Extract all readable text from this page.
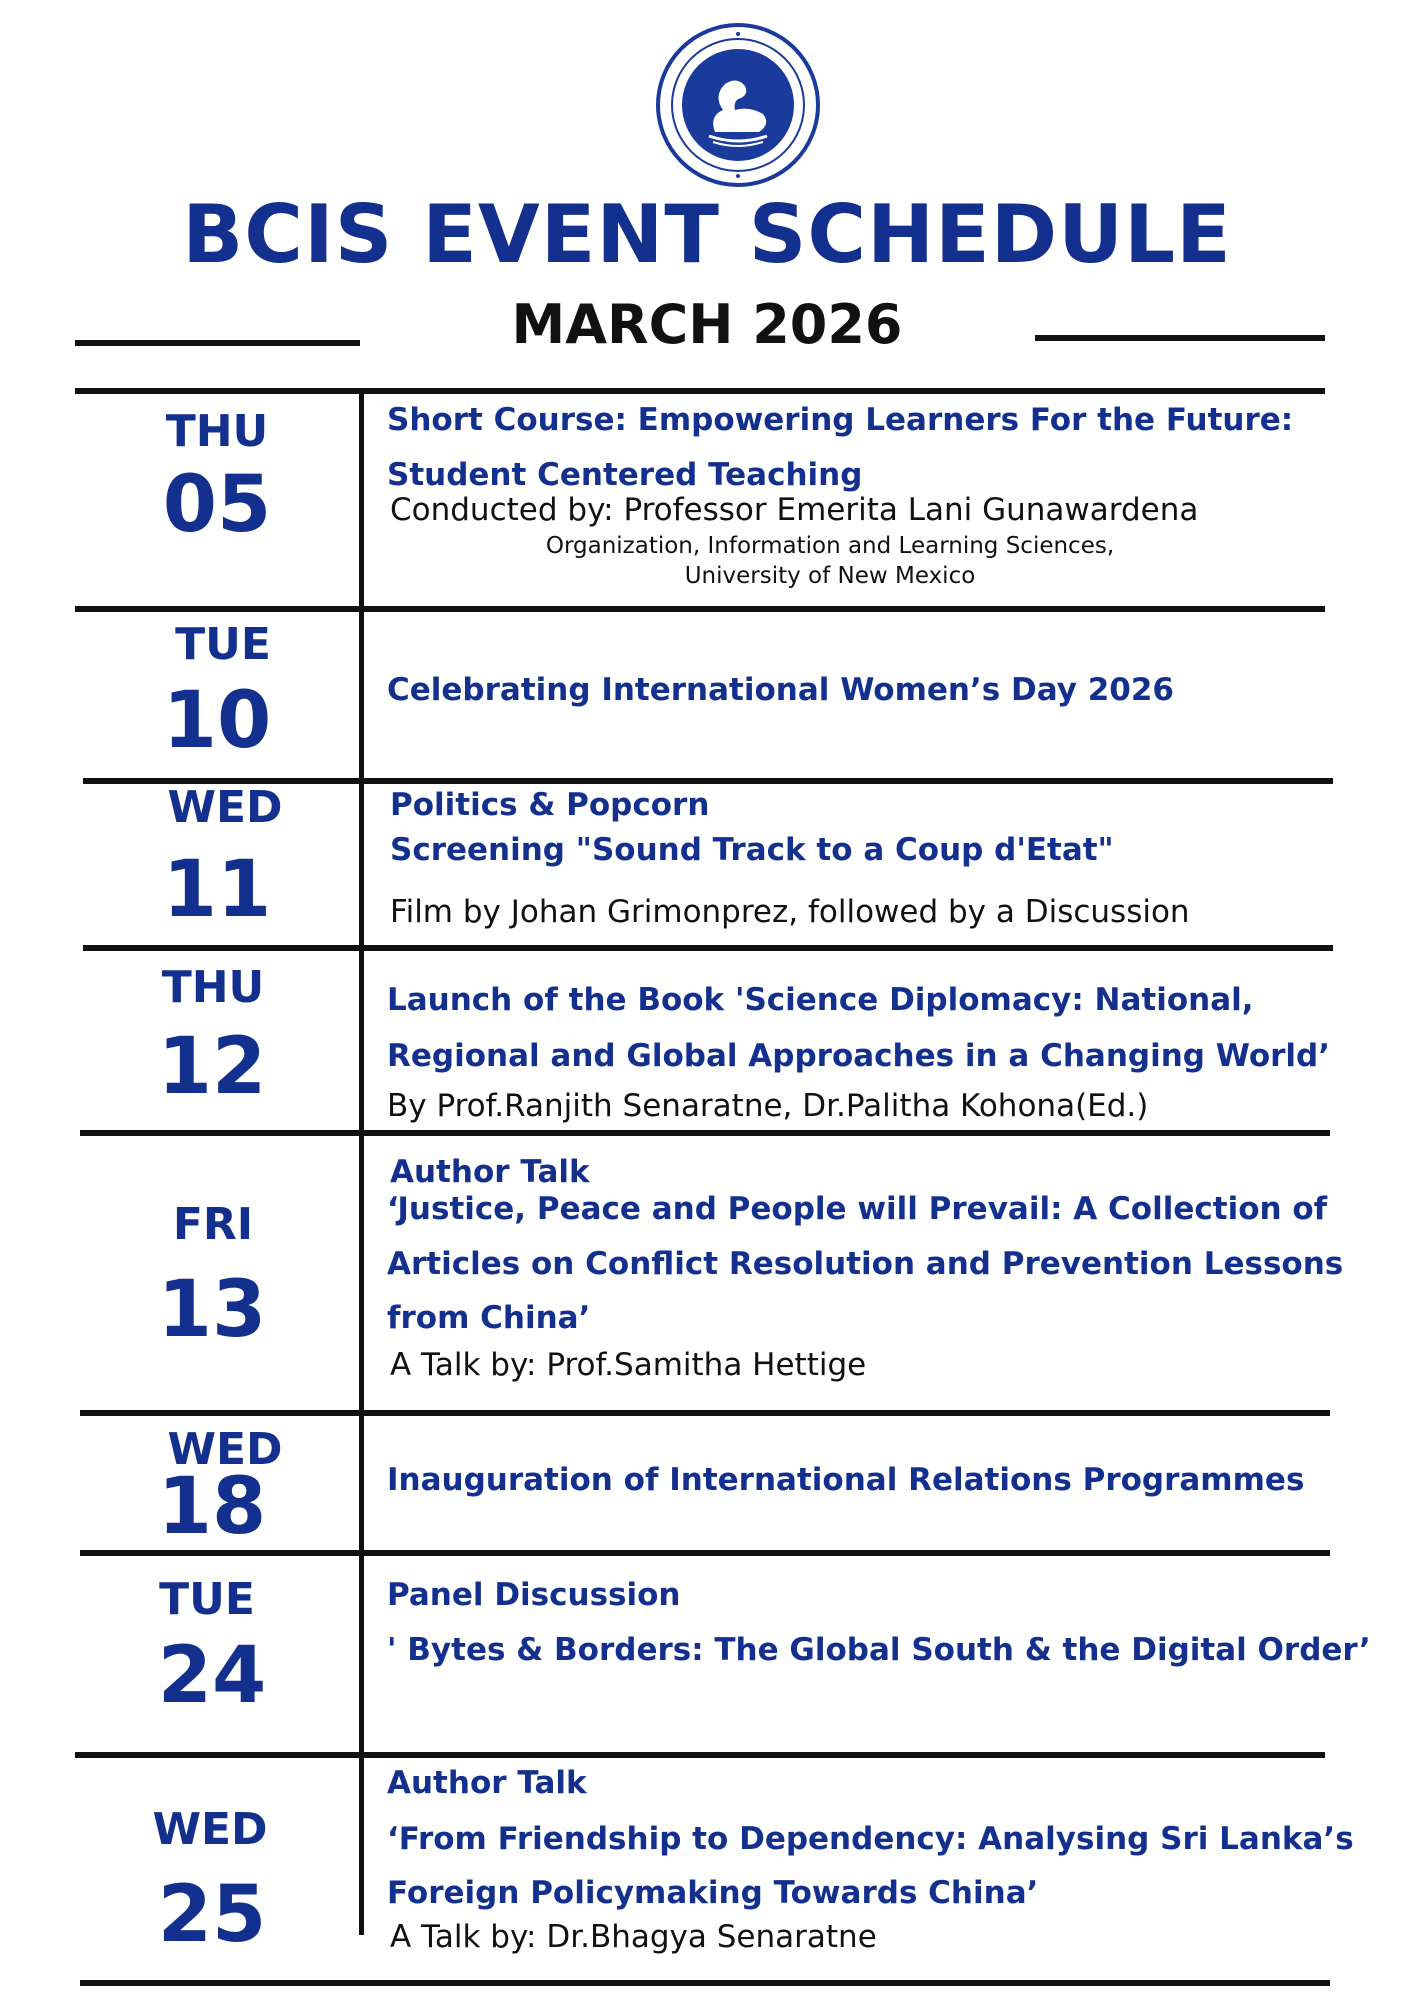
BCIS EVENT SCHEDULE
MARCH 2026
THU
05
Short Course: Empowering Learners For the Future:
Student Centered Teaching
Conducted by: Professor Emerita Lani Gunawardena
Organization, Information and Learning Sciences,
University of New Mexico
TUE
10	Celebrating International Women’s Day 2026
WED
11
Politics & Popcorn
Screening "Sound Track to a Coup d'Etat"
Film by Johan Grimonprez, followed by a Discussion
THU
12
Launch of the Book 'Science Diplomacy: National,
Regional and Global Approaches in a Changing World’
By Prof.Ranjith Senaratne, Dr.Palitha Kohona(Ed.)
FRI
13
Author Talk
‘Justice, Peace and People will Prevail: A Collection of
Articles on Conflict Resolution and Prevention Lessons
from China’
A Talk by: Prof.Samitha Hettige
WED
18	Inauguration of International Relations Programmes
TUE
24
Panel Discussion
' Bytes & Borders: The Global South & the Digital Order’
WED
25
Author Talk
‘From Friendship to Dependency: Analysing Sri Lanka’s
Foreign Policymaking Towards China’
A Talk by: Dr.Bhagya Senaratne
